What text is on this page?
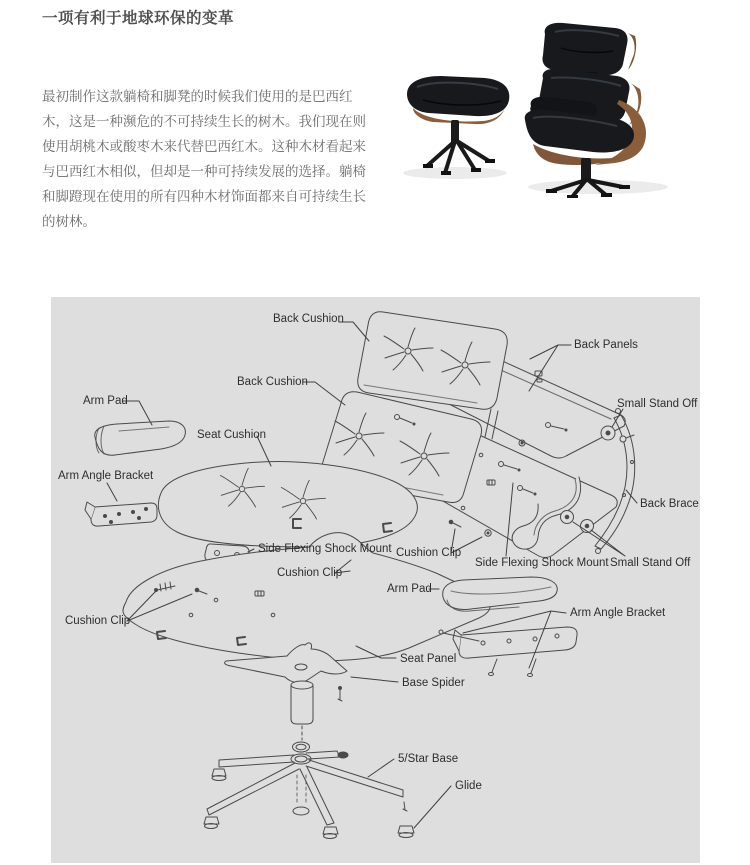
一项有利于地球环保的变革

最初制作这款躺椅和脚凳的时候我们使用的是巴西红木，这是一种濒危的不可持续生长的树木。我们现在则使用胡桃木或酸枣木来代替巴西红木。这种木材看起来与巴西红木相似，但却是一种可持续发展的选择。躺椅和脚蹬现在使用的所有四种木材饰面都来自可持续生长的树林。

Back Cushion
Back Panels
Back Cushion
Small Stand Off
Arm Pad
Seat Cushion
Arm Angle Bracket
Back Brace
Cushion Clip
Side Flexing Shock Mount Small Stand Off
Side Flexing Shock Mount
Cushion Clip
Arm Pad
Cushion Clip
Arm Angle Bracket
Seat Panel
Base Spider
5/Star Base
Glide
